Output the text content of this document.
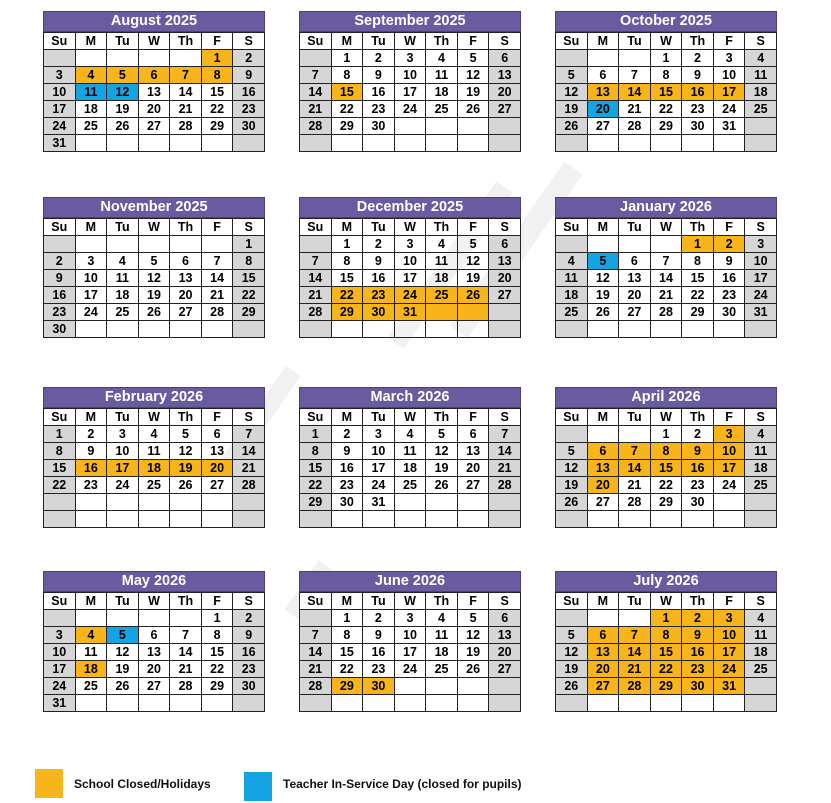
August 2025
Su	M	Tu	W	Th	F	S
					1	2
3	4	5	6	7	8	9
10	11	12	13	14	15	16
17	18	19	20	21	22	23
24	25	26	27	28	29	30
31						
September 2025
Su	M	Tu	W	Th	F	S
	1	2	3	4	5	6
7	8	9	10	11	12	13
14	15	16	17	18	19	20
21	22	23	24	25	26	27
28	29	30				

October 2025
Su	M	Tu	W	Th	F	S
			1	2	3	4
5	6	7	8	9	10	11
12	13	14	15	16	17	18
19	20	21	22	23	24	25
26	27	28	29	30	31	

November 2025
Su	M	Tu	W	Th	F	S
						1
2	3	4	5	6	7	8
9	10	11	12	13	14	15
16	17	18	19	20	21	22
23	24	25	26	27	28	29
30						
December 2025
Su	M	Tu	W	Th	F	S
	1	2	3	4	5	6
7	8	9	10	11	12	13
14	15	16	17	18	19	20
21	22	23	24	25	26	27
28	29	30	31			

January 2026
Su	M	Tu	W	Th	F	S
				1	2	3
4	5	6	7	8	9	10
11	12	13	14	15	16	17
18	19	20	21	22	23	24
25	26	27	28	29	30	31

February 2026
Su	M	Tu	W	Th	F	S
1	2	3	4	5	6	7
8	9	10	11	12	13	14
15	16	17	18	19	20	21
22	23	24	25	26	27	28

March 2026
Su	M	Tu	W	Th	F	S
1	2	3	4	5	6	7
8	9	10	11	12	13	14
15	16	17	18	19	20	21
22	23	24	25	26	27	28
29	30	31				

April 2026
Su	M	Tu	W	Th	F	S
			1	2	3	4
5	6	7	8	9	10	11
12	13	14	15	16	17	18
19	20	21	22	23	24	25
26	27	28	29	30		

May 2026
Su	M	Tu	W	Th	F	S
					1	2
3	4	5	6	7	8	9
10	11	12	13	14	15	16
17	18	19	20	21	22	23
24	25	26	27	28	29	30
31						
June 2026
Su	M	Tu	W	Th	F	S
	1	2	3	4	5	6
7	8	9	10	11	12	13
14	15	16	17	18	19	20
21	22	23	24	25	26	27
28	29	30				

July 2026
Su	M	Tu	W	Th	F	S
			1	2	3	4
5	6	7	8	9	10	11
12	13	14	15	16	17	18
19	20	21	22	23	24	25
26	27	28	29	30	31	

School Closed/Holidays	Teacher In-Service Day (closed for pupils)
